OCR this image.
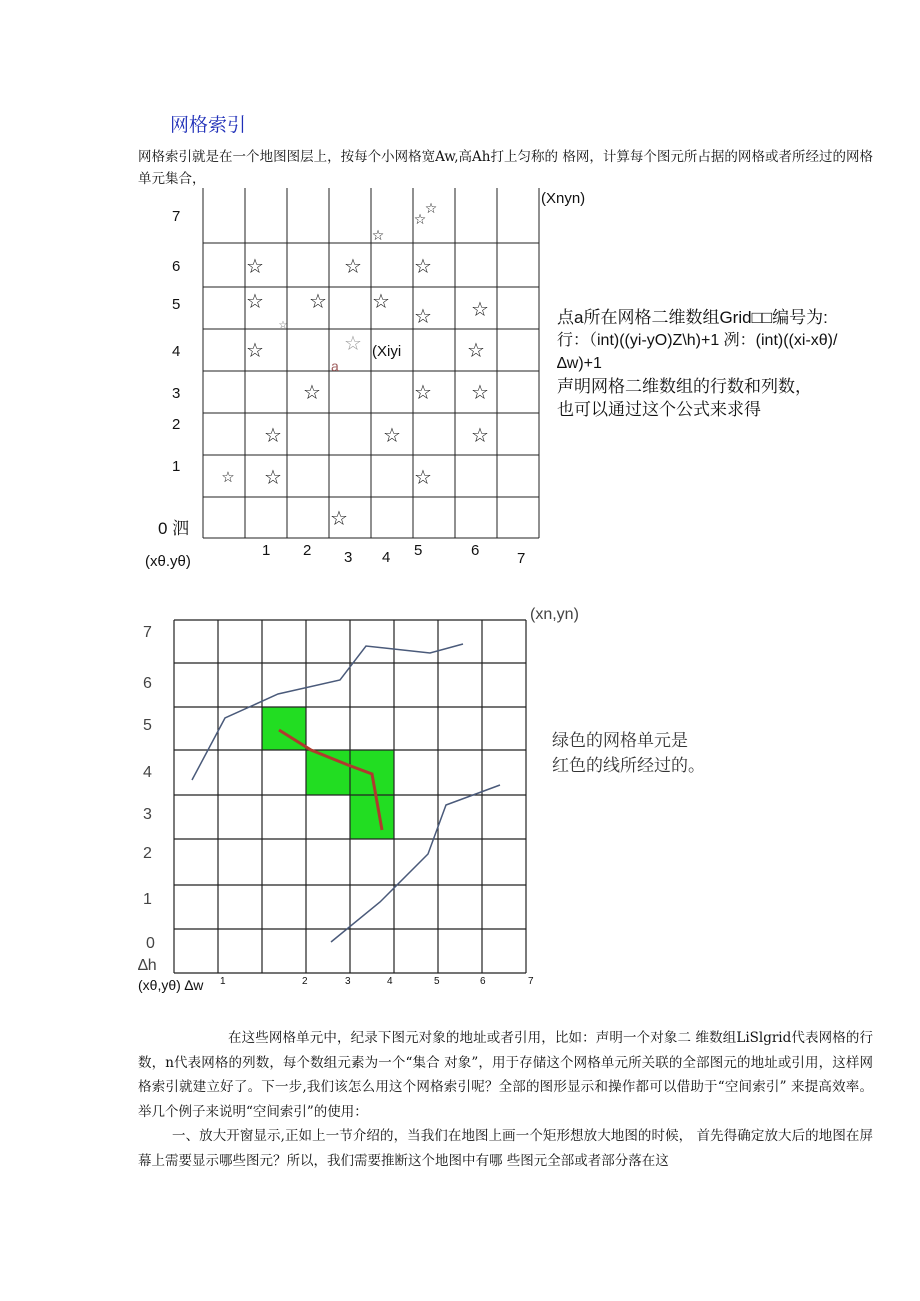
网格索引
网格索引就是在一个地图图层上，按每个小网格宽Aw,高Ah打上匀称的 格网，计算每个图元所占据的网格或者所经过的网格单元集合，
☆
☆
☆
☆	☆	☆
☆ ☆ ☆
☆ ☆
☆
☆	☆	☆
☆	☆ ☆
☆	☆	☆
☆ ☆	☆
☆
(Xiyi
a
(Xnyn)
7
6
5
4
3
2
1
0 泗
1 2 3 4 5	6	7
(xθ.yθ)
点a所在网格二维数组Grid□□编号为:
行：（int)((yi-yO)Z\h)+1 冽：(int)((xi-xθ)/ ∆w)+1
声明网格二维数组的行数和列数，
也可以通过这个公式来求得
7
6
5
4
3
2
1
0
∆h
(xn,yn)
(xθ,yθ) ∆w 1	2	3	4	5	6	7
绿色的网格单元是
红色的线所经过的。

在这些网格单元中，纪录下图元对象的地址或者引用，比如：声明一个对象二 维数组LiSlgrid代表网格的行数，n代表网格的列数，每个数组元素为一个“集合 对象”，用于存储这个网格单元所关联的全部图元的地址或引用，这样网格索引就建立好了。下一步,我们该怎么用这个网格索引呢？全部的图形显示和操作都可以借助于“空间索引” 来提高效率。举几个例子来说明“空间索引”的使用：

一、放大开窗显示,正如上一节介绍的，当我们在地图上画一个矩形想放大地图的时候， 首先得确定放大后的地图在屏幕上需要显示哪些图元？所以，我们需要推断这个地图中有哪 些图元全部或者部分落在这
